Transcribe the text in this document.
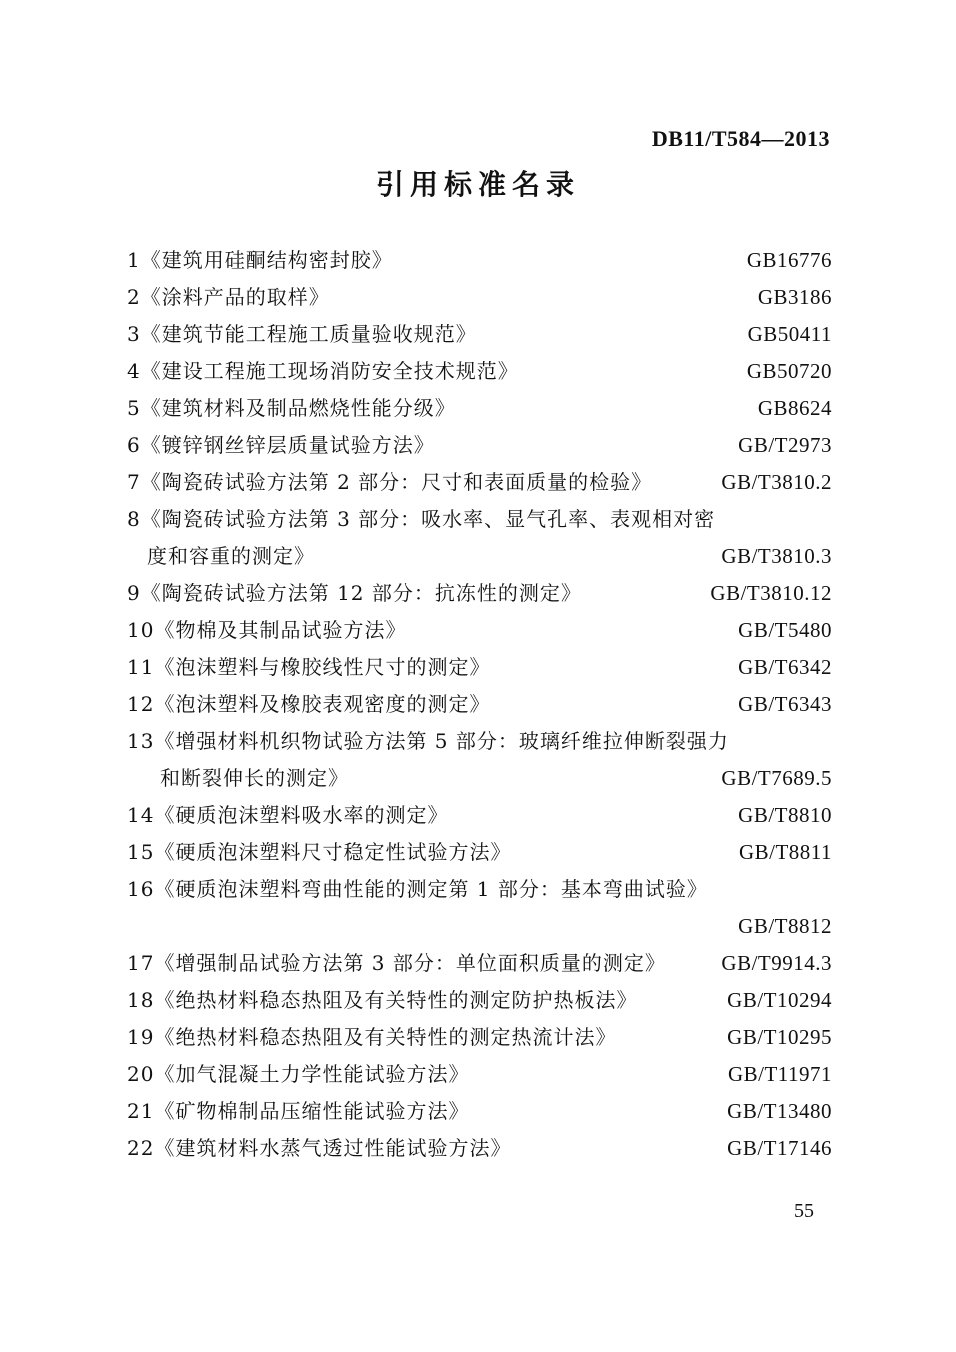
DB11/T584—2013
引用标准名录
1《建筑用硅酮结构密封胶》	GB16776
2《涂料产品的取样》	GB3186
3《建筑节能工程施工质量验收规范》	GB50411
4《建设工程施工现场消防安全技术规范》	GB50720
5《建筑材料及制品燃烧性能分级》	GB8624
6《镀锌钢丝锌层质量试验方法》	GB/T2973
7《陶瓷砖试验方法第 2 部分：尺寸和表面质量的检验》	GB/T3810.2
8《陶瓷砖试验方法第 3 部分：吸水率、显气孔率、表观相对密
度和容重的测定》	GB/T3810.3
9《陶瓷砖试验方法第 12 部分：抗冻性的测定》	GB/T3810.12
10《物棉及其制品试验方法》	GB/T5480
11《泡沫塑料与橡胶线性尺寸的测定》	GB/T6342
12《泡沫塑料及橡胶表观密度的测定》	GB/T6343
13《增强材料机织物试验方法第 5 部分：玻璃纤维拉伸断裂强力
和断裂伸长的测定》	GB/T7689.5
14《硬质泡沫塑料吸水率的测定》	GB/T8810
15《硬质泡沫塑料尺寸稳定性试验方法》	GB/T8811
16《硬质泡沫塑料弯曲性能的测定第 1 部分：基本弯曲试验》
GB/T8812
17《增强制品试验方法第 3 部分：单位面积质量的测定》	GB/T9914.3
18《绝热材料稳态热阻及有关特性的测定防护热板法》	GB/T10294
19《绝热材料稳态热阻及有关特性的测定热流计法》	GB/T10295
20《加气混凝土力学性能试验方法》	GB/T11971
21《矿物棉制品压缩性能试验方法》	GB/T13480
22《建筑材料水蒸气透过性能试验方法》	GB/T17146
55
